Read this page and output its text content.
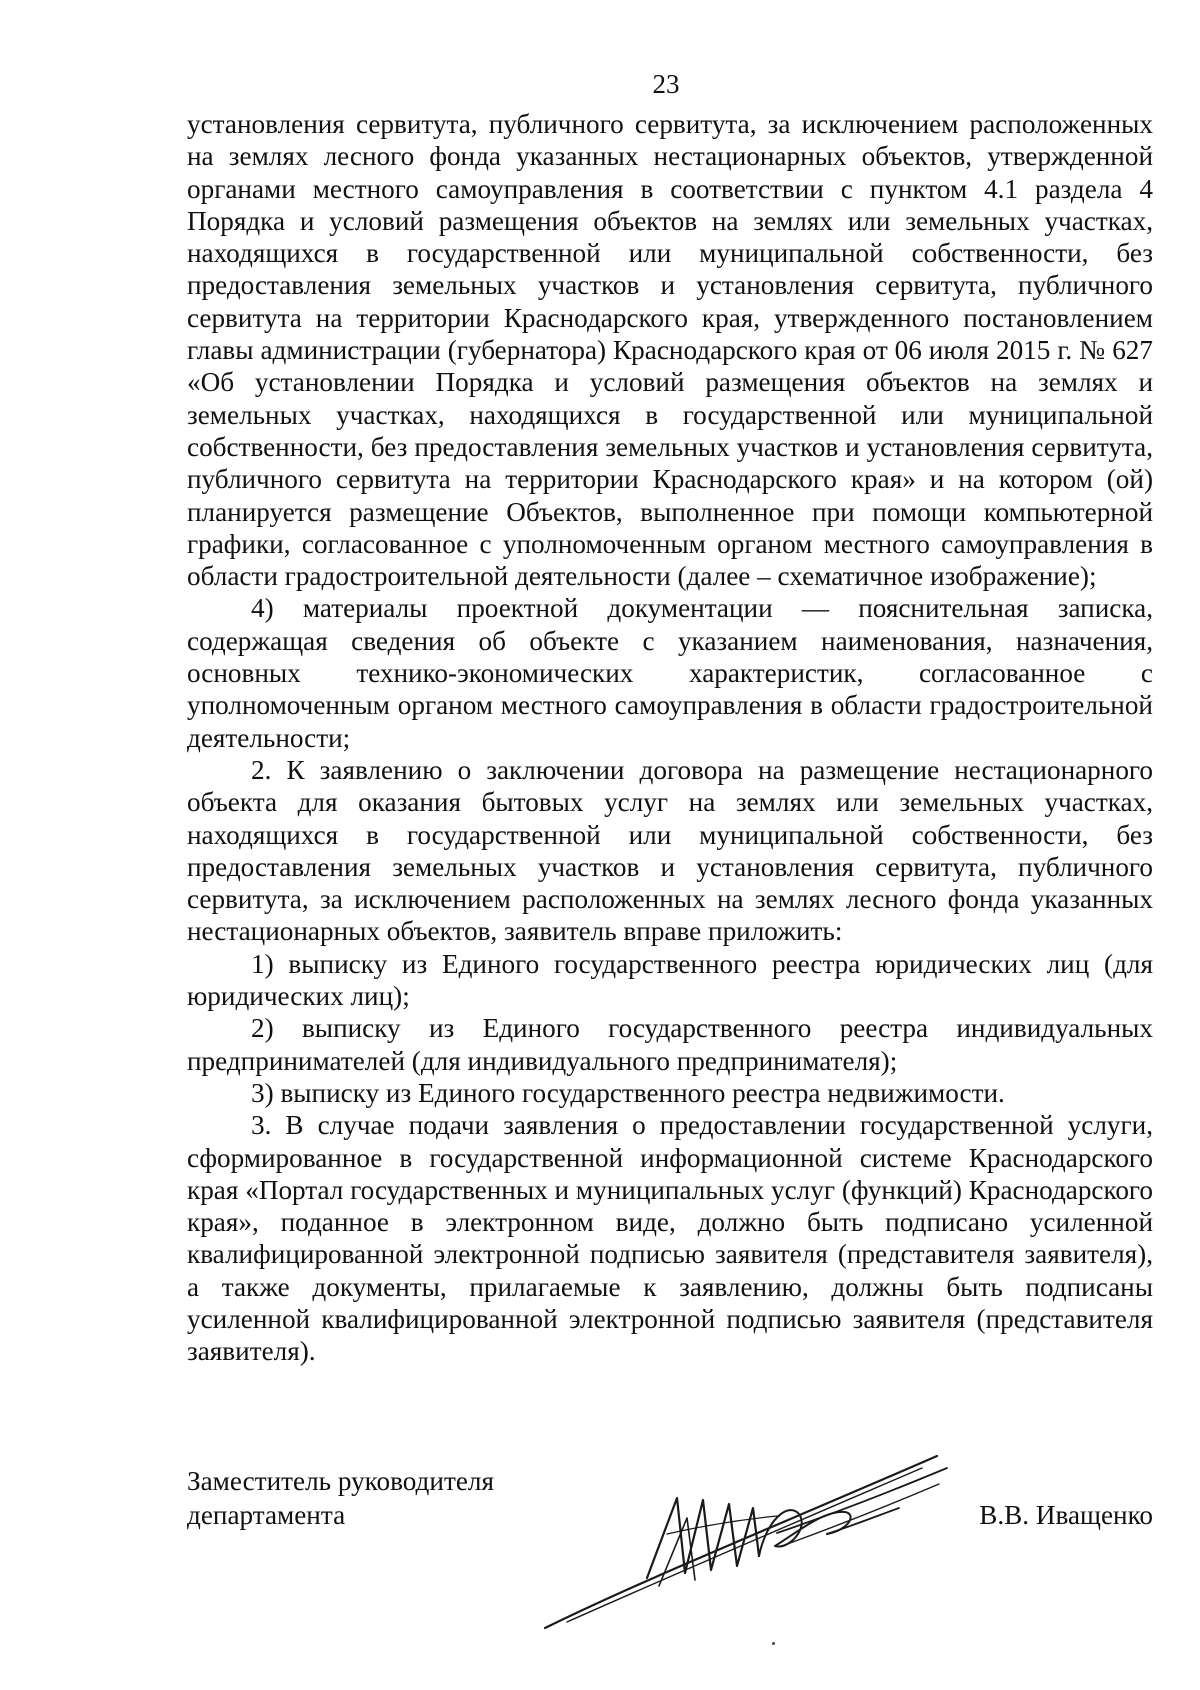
23

установления сервитута, публичного сервитута, за исключением расположенных на землях лесного фонда указанных нестационарных объектов, утвержденной органами местного самоуправления в соответствии с пунктом 4.1 раздела 4 Порядка и условий размещения объектов на землях или земельных участках, находящихся в государственной или муниципальной собственности, без предоставления земельных участков и установления сервитута, публичного сервитута на территории Краснодарского края, утвержденного постановлением главы администрации (губернатора) Краснодарского края от 06 июля 2015 г. № 627 «Об установлении Порядка и условий размещения объектов на землях и земельных участках, находящихся в государственной или муниципальной собственности, без предоставления земельных участков и установления сервитута, публичного сервитута на территории Краснодарского края» и на котором (ой) планируется размещение Объектов, выполненное при помощи компьютерной графики, согласованное с уполномоченным органом местного самоуправления в области градостроительной деятельности (далее – схематичное изображение);

4) материалы проектной документации — пояснительная записка, содержащая сведения об объекте с указанием наименования, назначения, основных технико-экономических характеристик, согласованное с уполномоченным органом местного самоуправления в области градостроительной деятельности;

2. К заявлению о заключении договора на размещение нестационарного объекта для оказания бытовых услуг на землях или земельных участках, находящихся в государственной или муниципальной собственности, без предоставления земельных участков и установления сервитута, публичного сервитута, за исключением расположенных на землях лесного фонда указанных нестационарных объектов, заявитель вправе приложить:

1) выписку из Единого государственного реестра юридических лиц (для юридических лиц);

2) выписку из Единого государственного реестра индивидуальных предпринимателей (для индивидуального предпринимателя);

3) выписку из Единого государственного реестра недвижимости.

3. В случае подачи заявления о предоставлении государственной услуги, сформированное в государственной информационной системе Краснодарского края «Портал государственных и муниципальных услуг (функций) Краснодарского края», поданное в электронном виде, должно быть подписано усиленной квалифицированной электронной подписью заявителя (представителя заявителя), а также документы, прилагаемые к заявлению, должны быть подписаны усиленной квалифицированной электронной подписью заявителя (представителя заявителя).

Заместитель руководителя
департамента	В.В. Иващенко
